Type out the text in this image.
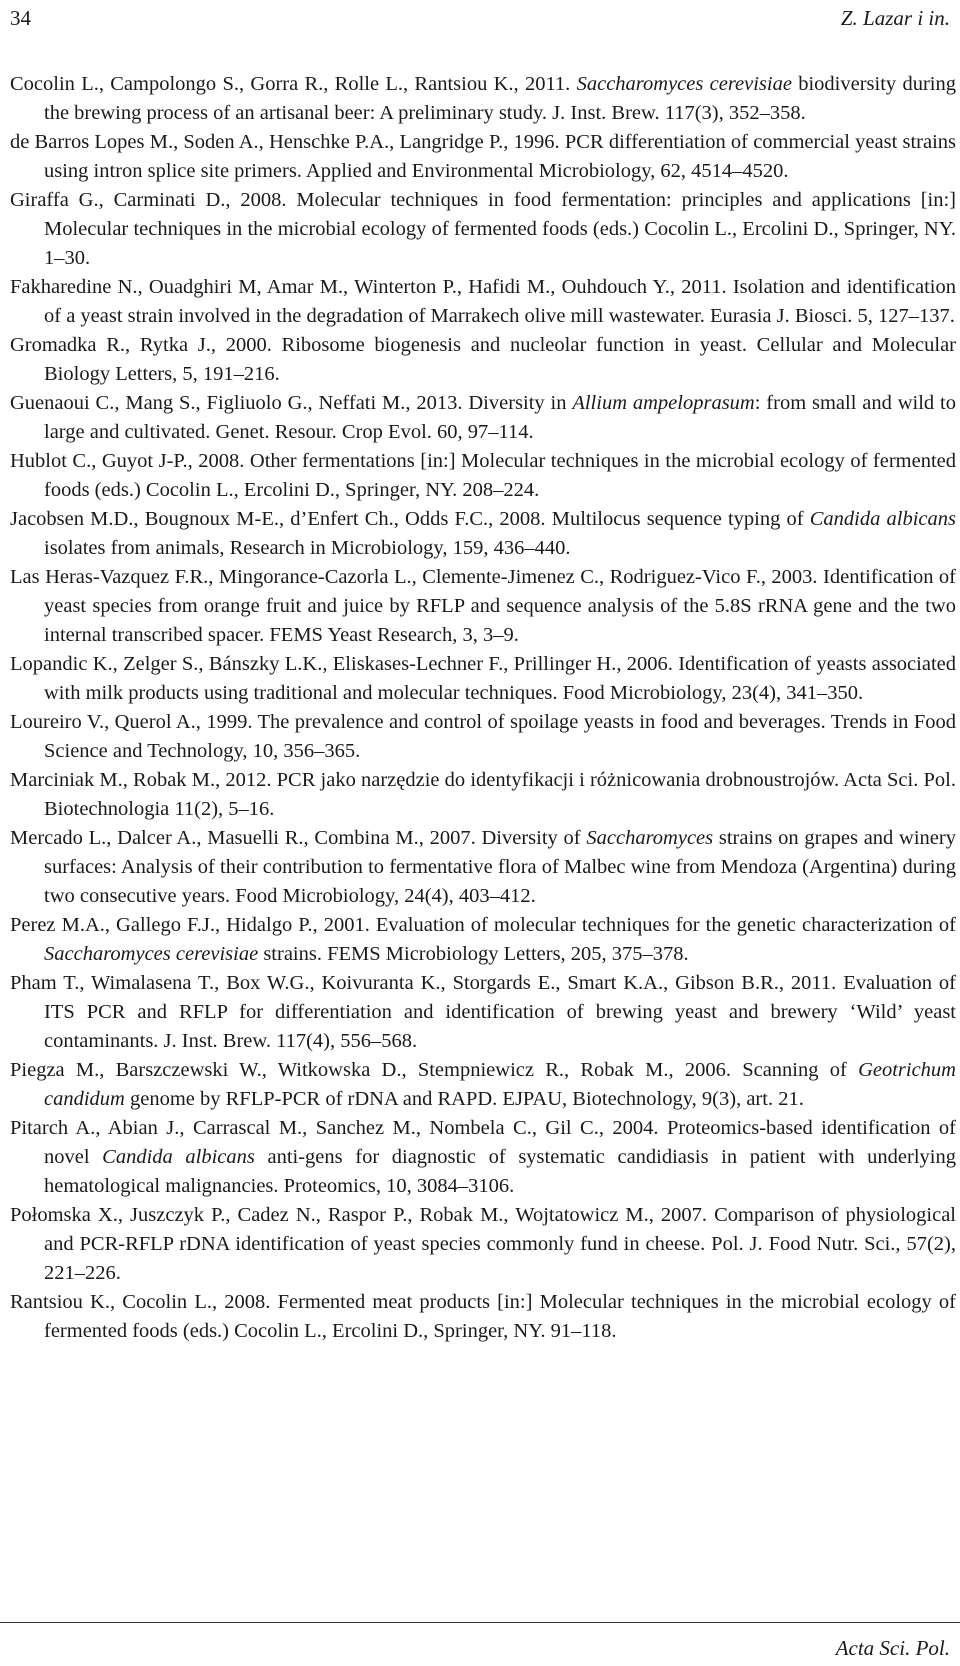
34	Z. Lazar i in.

Cocolin L., Campolongo S., Gorra R., Rolle L., Rantsiou K., 2011. Saccharomyces cerevisiae biodiversity during the brewing process of an artisanal beer: A preliminary study. J. Inst. Brew. 117(3), 352–358.

de Barros Lopes M., Soden A., Henschke P.A., Langridge P., 1996. PCR differentiation of commercial yeast strains using intron splice site primers. Applied and Environmental Microbiology, 62, 4514–4520.

Giraffa G., Carminati D., 2008. Molecular techniques in food fermentation: principles and applications [in:] Molecular techniques in the microbial ecology of fermented foods (eds.) Cocolin L., Ercolini D., Springer, NY. 1–30.

Fakharedine N., Ouadghiri M, Amar M., Winterton P., Hafidi M., Ouhdouch Y., 2011. Isolation and identification of a yeast strain involved in the degradation of Marrakech olive mill wastewater. Eurasia J. Biosci. 5, 127–137.

Gromadka R., Rytka J., 2000. Ribosome biogenesis and nucleolar function in yeast. Cellular and Molecular Biology Letters, 5, 191–216.

Guenaoui C., Mang S., Figliuolo G., Neffati M., 2013. Diversity in Allium ampeloprasum: from small and wild to large and cultivated. Genet. Resour. Crop Evol. 60, 97–114.

Hublot C., Guyot J-P., 2008. Other fermentations [in:] Molecular techniques in the microbial ecology of fermented foods (eds.) Cocolin L., Ercolini D., Springer, NY. 208–224.

Jacobsen M.D., Bougnoux M-E., d’Enfert Ch., Odds F.C., 2008. Multilocus sequence typing of Candida albicans isolates from animals, Research in Microbiology, 159, 436–440.

Las Heras-Vazquez F.R., Mingorance-Cazorla L., Clemente-Jimenez C., Rodriguez-Vico F., 2003. Identification of yeast species from orange fruit and juice by RFLP and sequence analysis of the 5.8S rRNA gene and the two internal transcribed spacer. FEMS Yeast Research, 3, 3–9.

Lopandic K., Zelger S., Bánszky L.K., Eliskases-Lechner F., Prillinger H., 2006. Identification of yeasts associated with milk products using traditional and molecular techniques. Food Microbiology, 23(4), 341–350.

Loureiro V., Querol A., 1999. The prevalence and control of spoilage yeasts in food and beverages. Trends in Food Science and Technology, 10, 356–365.

Marciniak M., Robak M., 2012. PCR jako narzędzie do identyfikacji i różnicowania drobnoustrojów. Acta Sci. Pol. Biotechnologia 11(2), 5–16.

Mercado L., Dalcer A., Masuelli R., Combina M., 2007. Diversity of Saccharomyces strains on grapes and winery surfaces: Analysis of their contribution to fermentative flora of Malbec wine from Mendoza (Argentina) during two consecutive years. Food Microbiology, 24(4), 403–412.

Perez M.A., Gallego F.J., Hidalgo P., 2001. Evaluation of molecular techniques for the genetic characterization of Saccharomyces cerevisiae strains. FEMS Microbiology Letters, 205, 375–378.

Pham T., Wimalasena T., Box W.G., Koivuranta K., Storgards E., Smart K.A., Gibson B.R., 2011. Evaluation of ITS PCR and RFLP for differentiation and identification of brewing yeast and brewery ‘Wild’ yeast contaminants. J. Inst. Brew. 117(4), 556–568.

Piegza M., Barszczewski W., Witkowska D., Stempniewicz R., Robak M., 2006. Scanning of Geotrichum candidum genome by RFLP-PCR of rDNA and RAPD. EJPAU, Biotechnology, 9(3), art. 21.

Pitarch A., Abian J., Carrascal M., Sanchez M., Nombela C., Gil C., 2004. Proteomics-based identification of novel Candida albicans anti-gens for diagnostic of systematic candidiasis in patient with underlying hematological malignancies. Proteomics, 10, 3084–3106.

Połomska X., Juszczyk P., Cadez N., Raspor P., Robak M., Wojtatowicz M., 2007. Comparison of physiological and PCR-RFLP rDNA identification of yeast species commonly fund in cheese. Pol. J. Food Nutr. Sci., 57(2), 221–226.

Rantsiou K., Cocolin L., 2008. Fermented meat products [in:] Molecular techniques in the microbial ecology of fermented foods (eds.) Cocolin L., Ercolini D., Springer, NY. 91–118.

Acta Sci. Pol.
